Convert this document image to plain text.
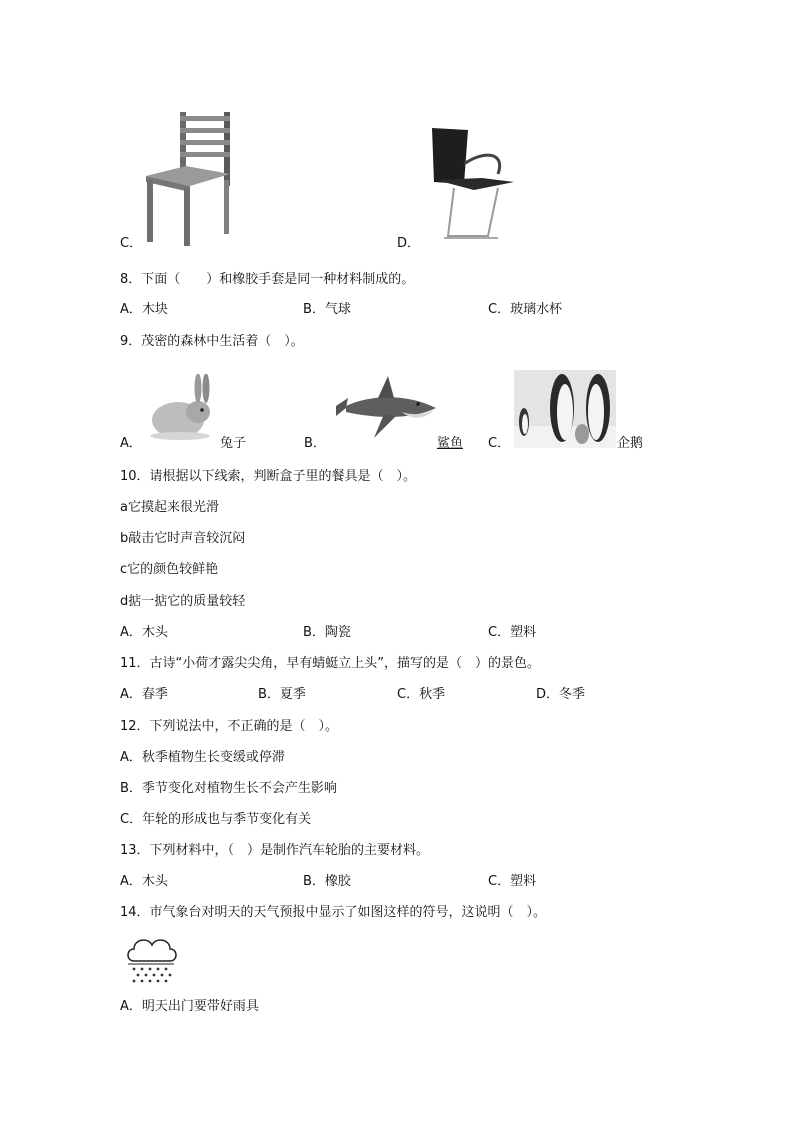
C．	D．
8．下面（　　）和橡胶手套是同一种材料制成的。
A．木块	B．气球	C．玻璃水杯
9．茂密的森林中生活着（　）。
A．	兔子	B．	鲨鱼 C．	企鹅
10．请根据以下线索，判断盒子里的餐具是（　）。
a它摸起来很光滑
b敲击它时声音较沉闷
c它的颜色较鲜艳
d掂一掂它的质量较轻
A．木头	B．陶瓷	C．塑料
11．古诗“小荷才露尖尖角，早有蜻蜓立上头”，描写的是（　）的景色。
A．春季	B．夏季	C．秋季	D．冬季
12．下列说法中，不正确的是（　）。
A．秋季植物生长变缓或停滞
B．季节变化对植物生长不会产生影响
C．年轮的形成也与季节变化有关
13．下列材料中，（　）是制作汽车轮胎的主要材料。
A．木头	B．橡胶	C．塑料
14．市气象台对明天的天气预报中显示了如图这样的符号，这说明（　）。
A．明天出门要带好雨具
